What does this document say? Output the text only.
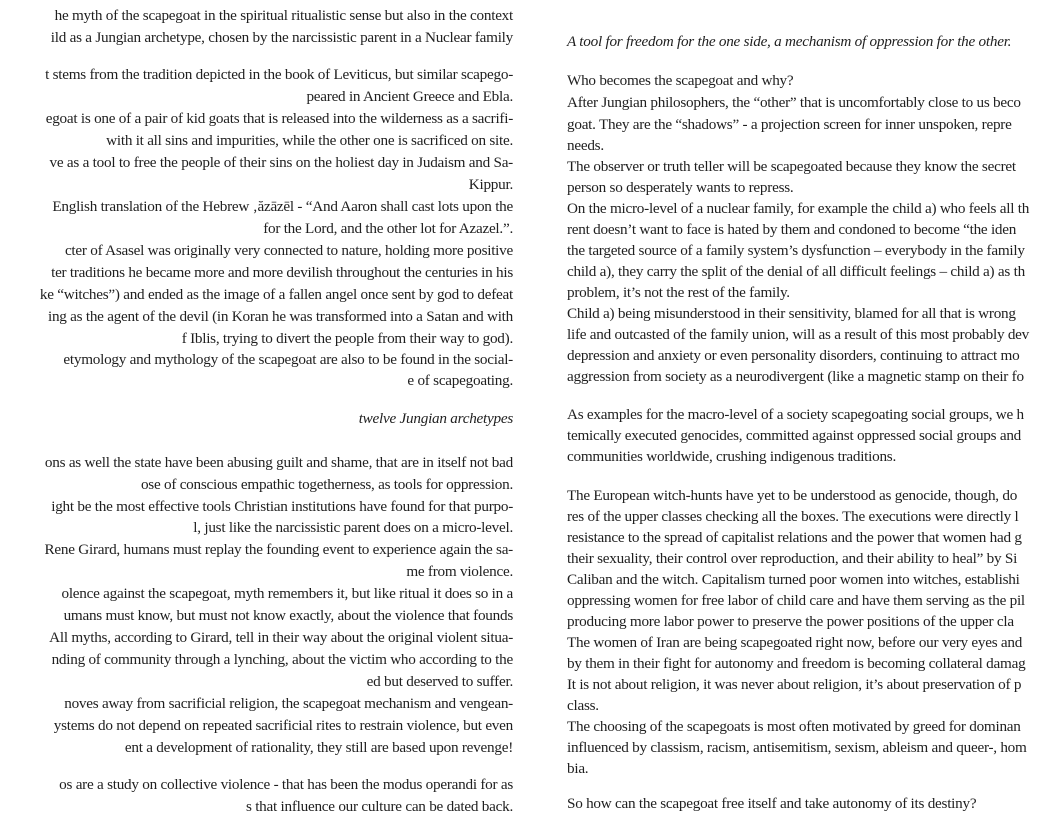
he myth of the scapegoat in the spiritual ritualistic sense but also in the context
ild as a Jungian archetype, chosen by the narcissistic parent in a Nuclear family
t stems from the tradition depicted in the book of Leviticus, but similar scapego-
peared in Ancient Greece and Ebla.
egoat is one of a pair of kid goats that is released into the wilderness as a sacrifi-
with it all sins and impurities, while the other one is sacrificed on site.
ve as a tool to free the people of their sins on the holiest day in Judaism and Sa-
Kippur.
English translation of the Hebrew ‚ăzāzēl - “And Aaron shall cast lots upon the
for the Lord, and the other lot for Azazel.”.
cter of Asasel was originally very connected to nature, holding more positive
ter traditions he became more and more devilish throughout the centuries in his
ke “witches”) and ended as the image of a fallen angel once sent by god to defeat
ing as the agent of the devil (in Koran he was transformed into a Satan and with
f Iblis, trying to divert the people from their way to god).
etymology and mythology of the scapegoat are also to be found in the social-
e of scapegoating.
twelve Jungian archetypes
ons as well the state have been abusing guilt and shame, that are in itself not bad
ose of conscious empathic togetherness, as tools for oppression.
ight be the most effective tools Christian institutions have found for that purpo-
l, just like the narcissistic parent does on a micro-level.
Rene Girard, humans must replay the founding event to experience again the sa-
me from violence.
olence against the scapegoat, myth remembers it, but like ritual it does so in a
umans must know, but must not know exactly, about the violence that founds
All myths, according to Girard, tell in their way about the original violent situa-
nding of community through a lynching, about the victim who according to the
ed but deserved to suffer.
noves away from sacrificial religion, the scapegoat mechanism and vengean-
ystems do not depend on repeated sacrificial rites to restrain violence, but even
ent a development of rationality, they still are based upon revenge!
os are a study on collective violence - that has been the modus operandi for as
s that influence our culture can be dated back.
A tool for freedom for the one side, a mechanism of oppression for the other.
Who becomes the scapegoat and why?
After Jungian philosophers, the “other” that is uncomfortably close to us beco
goat. They are the “shadows” - a projection screen for inner unspoken, repre
needs.
The observer or truth teller will be scapegoated because they know the secret
person so desperately wants to repress.
On the micro-level of a nuclear family, for example the child a) who feels all th
rent doesn’t want to face is hated by them and condoned to become “the iden
the targeted source of a family system’s dysfunction – everybody in the family
child a), they carry the split of the denial of all difficult feelings – child a) as th
problem, it’s not the rest of the family.
Child a) being misunderstood in their sensitivity, blamed for all that is wrong
life and outcasted of the family union, will as a result of this most probably dev
depression and anxiety or even personality disorders, continuing to attract mo
aggression from society as a neurodivergent (like a magnetic stamp on their fo
As examples for the macro-level of a society scapegoating social groups, we h
temically executed genocides, committed against oppressed social groups and
communities worldwide, crushing indigenous traditions.
The European witch-hunts have yet to be understood as genocide, though, do
res of the upper classes checking all the boxes. The executions were directly l
resistance to the spread of capitalist relations and the power that women had g
their sexuality, their control over reproduction, and their ability to heal” by Si
Caliban and the witch. Capitalism turned poor women into witches, establishi
oppressing women for free labor of child care and have them serving as the pil
producing more labor power to preserve the power positions of the upper cla
The women of Iran are being scapegoated right now, before our very eyes and
by them in their fight for autonomy and freedom is becoming collateral damag
It is not about religion, it was never about religion, it’s about preservation of p
class.
The choosing of the scapegoats is most often motivated by greed for dominan
influenced by classism, racism, antisemitism, sexism, ableism and queer-, hom
bia.
So how can the scapegoat free itself and take autonomy of its destiny?
